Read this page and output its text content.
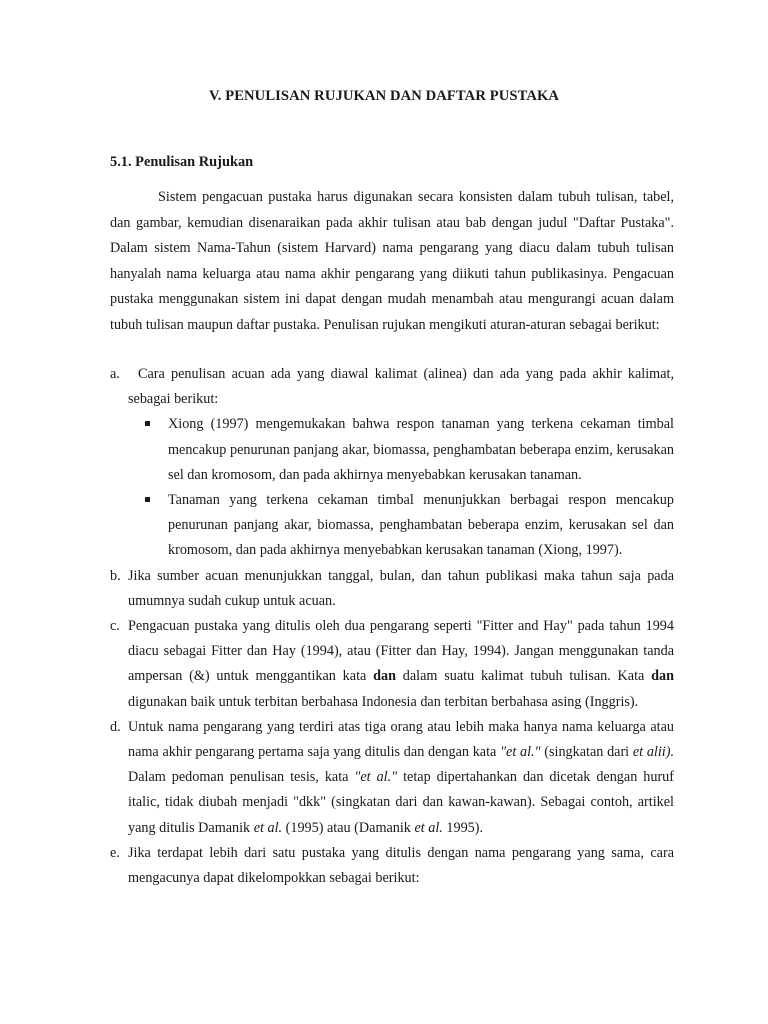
V. PENULISAN RUJUKAN DAN DAFTAR PUSTAKA
5.1. Penulisan Rujukan

Sistem pengacuan pustaka harus digunakan secara konsisten dalam tubuh tulisan, tabel, dan gambar, kemudian disenaraikan pada akhir tulisan atau bab dengan judul "Daftar Pustaka". Dalam sistem Nama-Tahun (sistem Harvard) nama pengarang yang diacu dalam tubuh tulisan hanyalah nama keluarga atau nama akhir pengarang yang diikuti tahun publikasinya. Pengacuan pustaka menggunakan sistem ini dapat dengan mudah menambah atau mengurangi acuan dalam tubuh tulisan maupun daftar pustaka. Penulisan rujukan mengikuti aturan-aturan sebagai berikut:

a.	Cara penulisan acuan ada yang diawal kalimat (alinea) dan ada yang pada akhir kalimat, sebagai berikut:
Xiong (1997) mengemukakan bahwa respon tanaman yang terkena cekaman timbal mencakup penurunan panjang akar, biomassa, penghambatan beberapa enzim, kerusakan sel dan kromosom, dan pada akhirnya menyebabkan kerusakan tanaman.
Tanaman yang terkena cekaman timbal menunjukkan berbagai respon mencakup penurunan panjang akar, biomassa, penghambatan beberapa enzim, kerusakan sel dan kromosom, dan pada akhirnya menyebabkan kerusakan tanaman (Xiong, 1997).
b. Jika sumber acuan menunjukkan tanggal, bulan, dan tahun publikasi maka tahun saja pada umumnya sudah cukup untuk acuan.
c. Pengacuan pustaka yang ditulis oleh dua pengarang seperti "Fitter and Hay" pada tahun 1994 diacu sebagai Fitter dan Hay (1994), atau (Fitter dan Hay, 1994). Jangan menggunakan tanda ampersan (&) untuk menggantikan kata dan dalam suatu kalimat tubuh tulisan. Kata dan digunakan baik untuk terbitan berbahasa Indonesia dan terbitan berbahasa asing (Inggris).
d. Untuk nama pengarang yang terdiri atas tiga orang atau lebih maka hanya nama keluarga atau nama akhir pengarang pertama saja yang ditulis dan dengan kata "et al." (singkatan dari et alii). Dalam pedoman penulisan tesis, kata "et al." tetap dipertahankan dan dicetak dengan huruf italic, tidak diubah menjadi "dkk" (singkatan dari dan kawan-kawan). Sebagai contoh, artikel yang ditulis Damanik et al. (1995) atau (Damanik et al. 1995).
e. Jika terdapat lebih dari satu pustaka yang ditulis dengan nama pengarang yang sama, cara mengacunya dapat dikelompokkan sebagai berikut:
